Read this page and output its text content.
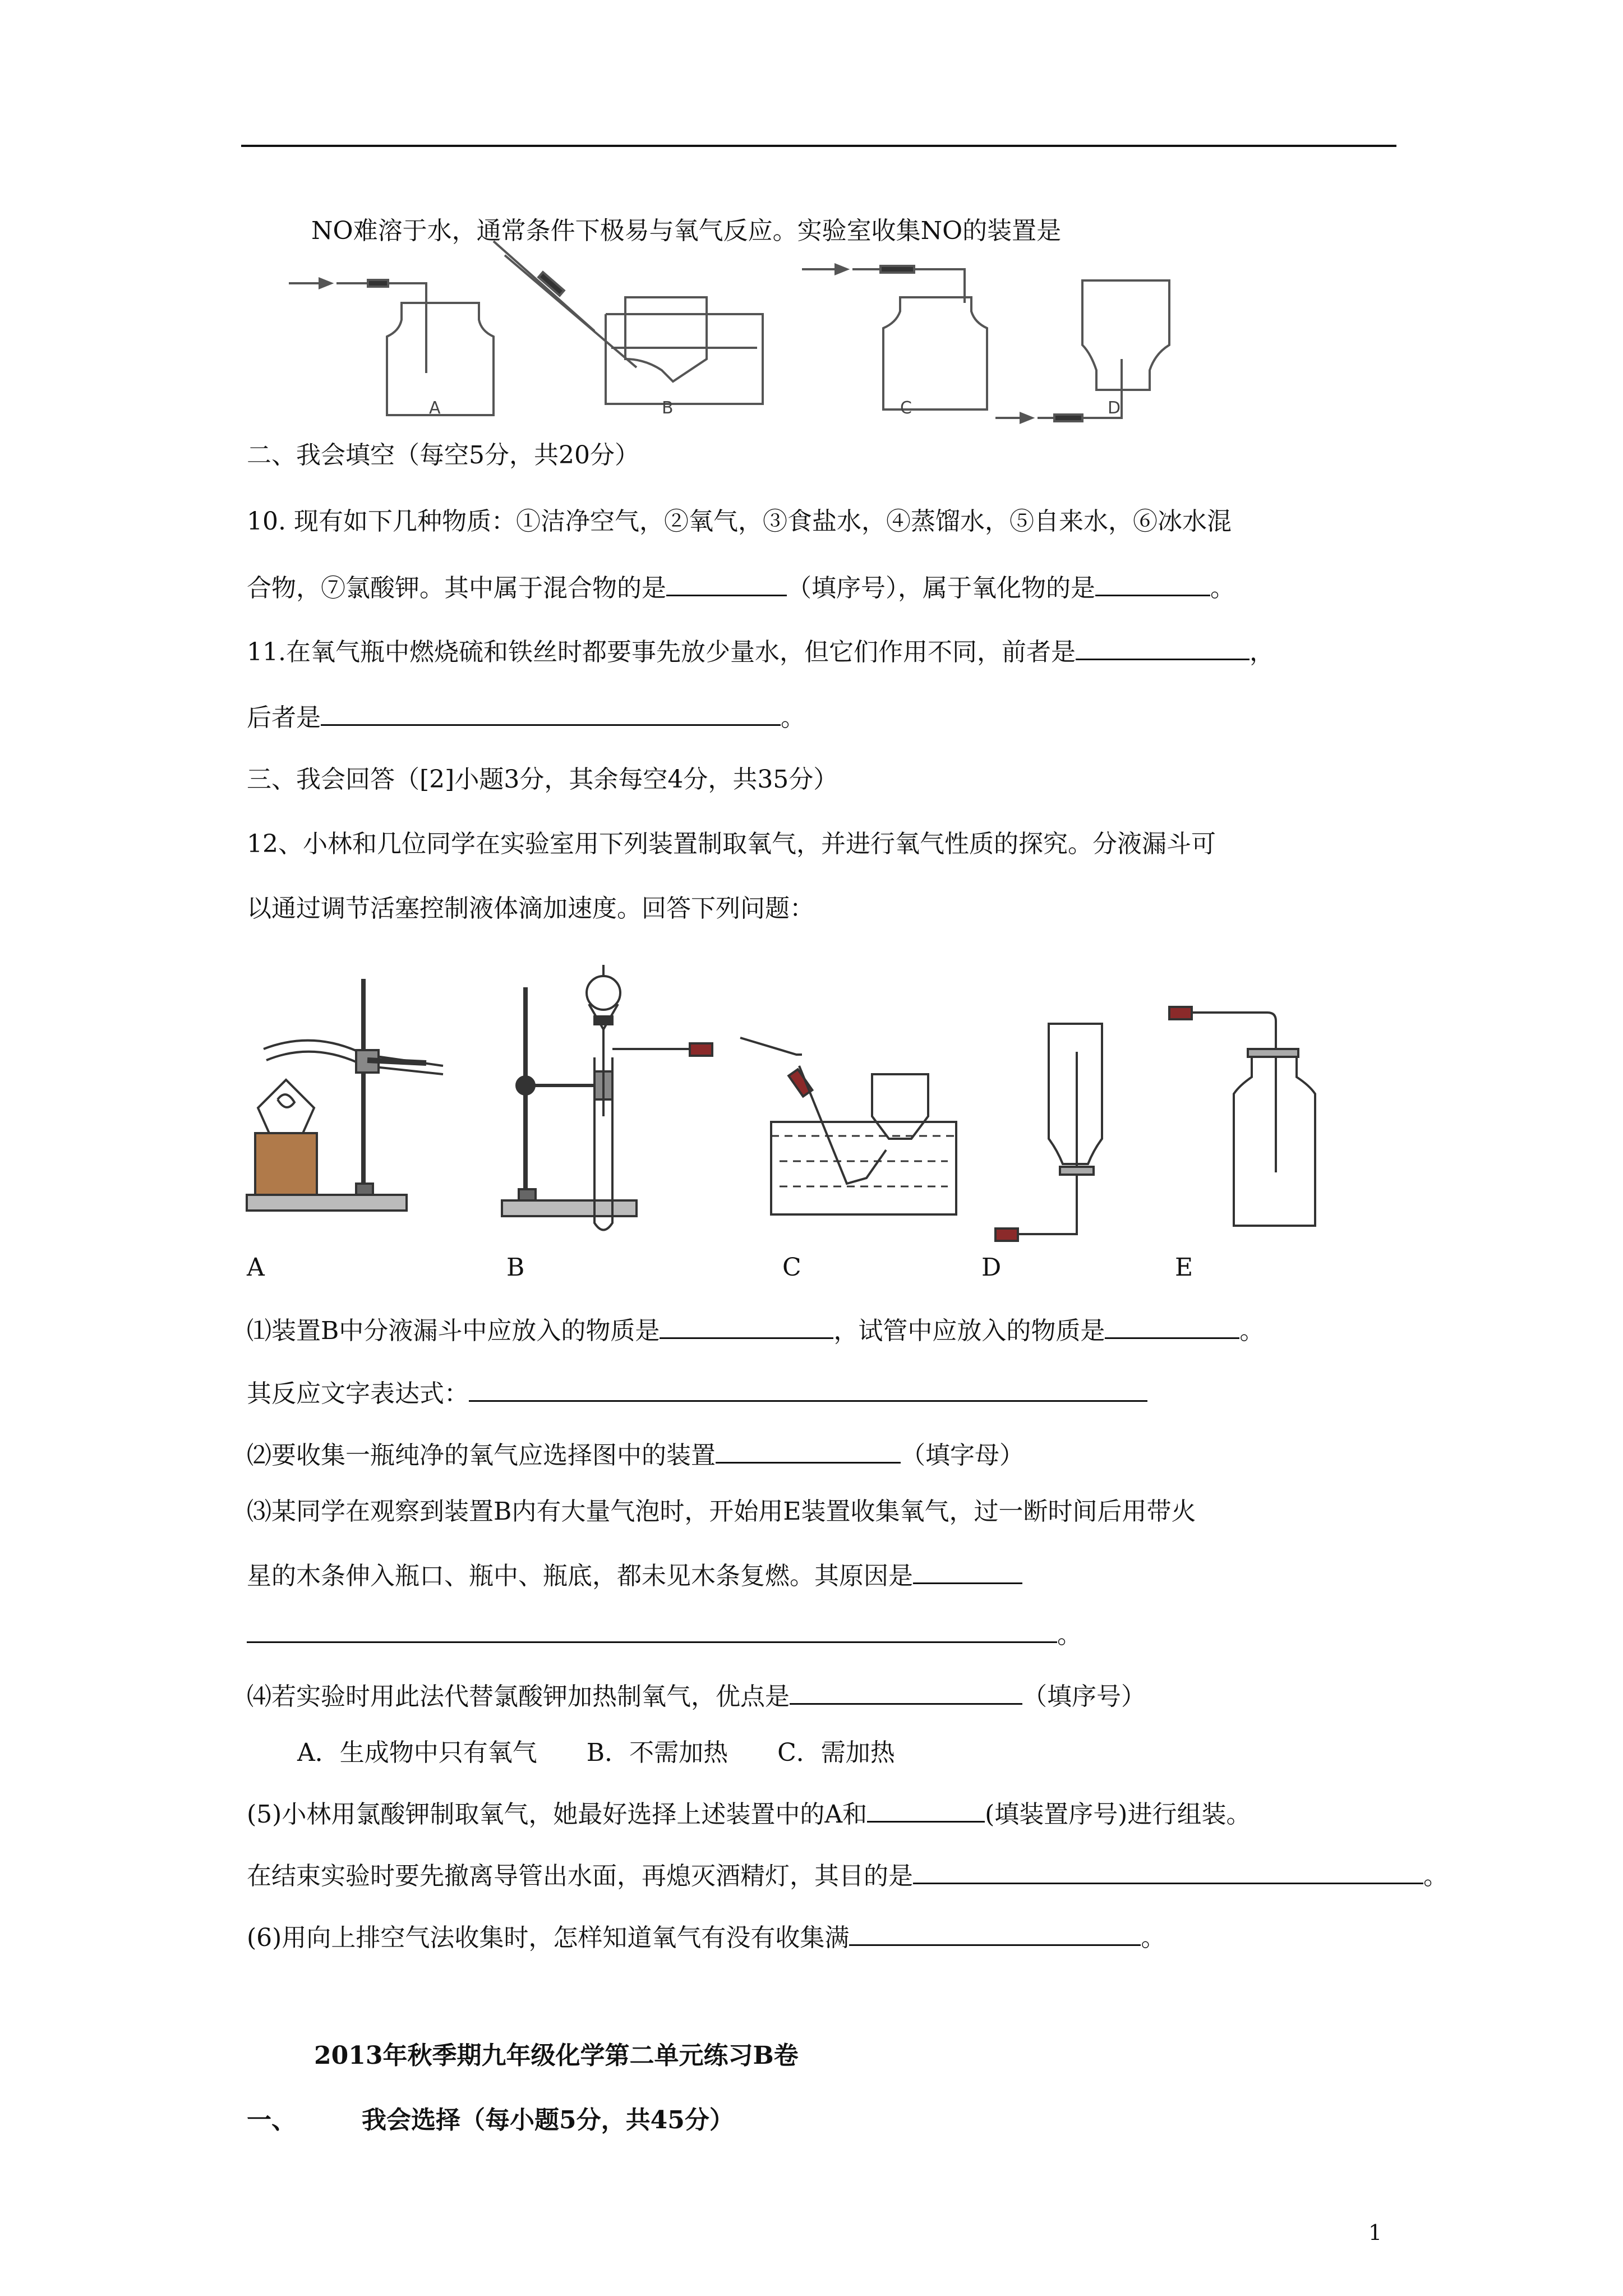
NO难溶于水，通常条件下极易与氧气反应。实验室收集NO的装置是
A	B	C	D
二、我会填空（每空5分，共20分）
10. 现有如下几种物质：①洁净空气，②氧气，③食盐水，④蒸馏水，⑤自来水，⑥冰水混
合物，⑦氯酸钾。其中属于混合物的是	（填序号），属于氧化物的是	。
11.在氧气瓶中燃烧硫和铁丝时都要事先放少量水，但它们作用不同，前者是	，
后者是	。
三、我会回答（[2]小题3分，其余每空4分，共35分）
12、小林和几位同学在实验室用下列装置制取氧气，并进行氧气性质的探究。分液漏斗可
以通过调节活塞控制液体滴加速度。回答下列问题：
A	B	C	D	E
⑴装置B中分液漏斗中应放入的物质是	，试管中应放入的物质是	。
其反应文字表达式：
⑵要收集一瓶纯净的氧气应选择图中的装置	（填字母）
⑶某同学在观察到装置B内有大量气泡时，开始用E装置收集氧气，过一断时间后用带火
星的木条伸入瓶口、瓶中、瓶底，都未见木条复燃。其原因是
。
⑷若实验时用此法代替氯酸钾加热制氧气，优点是	（填序号）
A．生成物中只有氧气　　B．不需加热　　C．需加热
(5)小林用氯酸钾制取氧气，她最好选择上述装置中的A和	(填装置序号)进行组装。
在结束实验时要先撤离导管出水面，再熄灭酒精灯，其目的是	。
(6)用向上排空气法收集时，怎样知道氧气有没有收集满	。
2013年秋季期九年级化学第二单元练习B卷
一、	我会选择（每小题5分，共45分）
1
